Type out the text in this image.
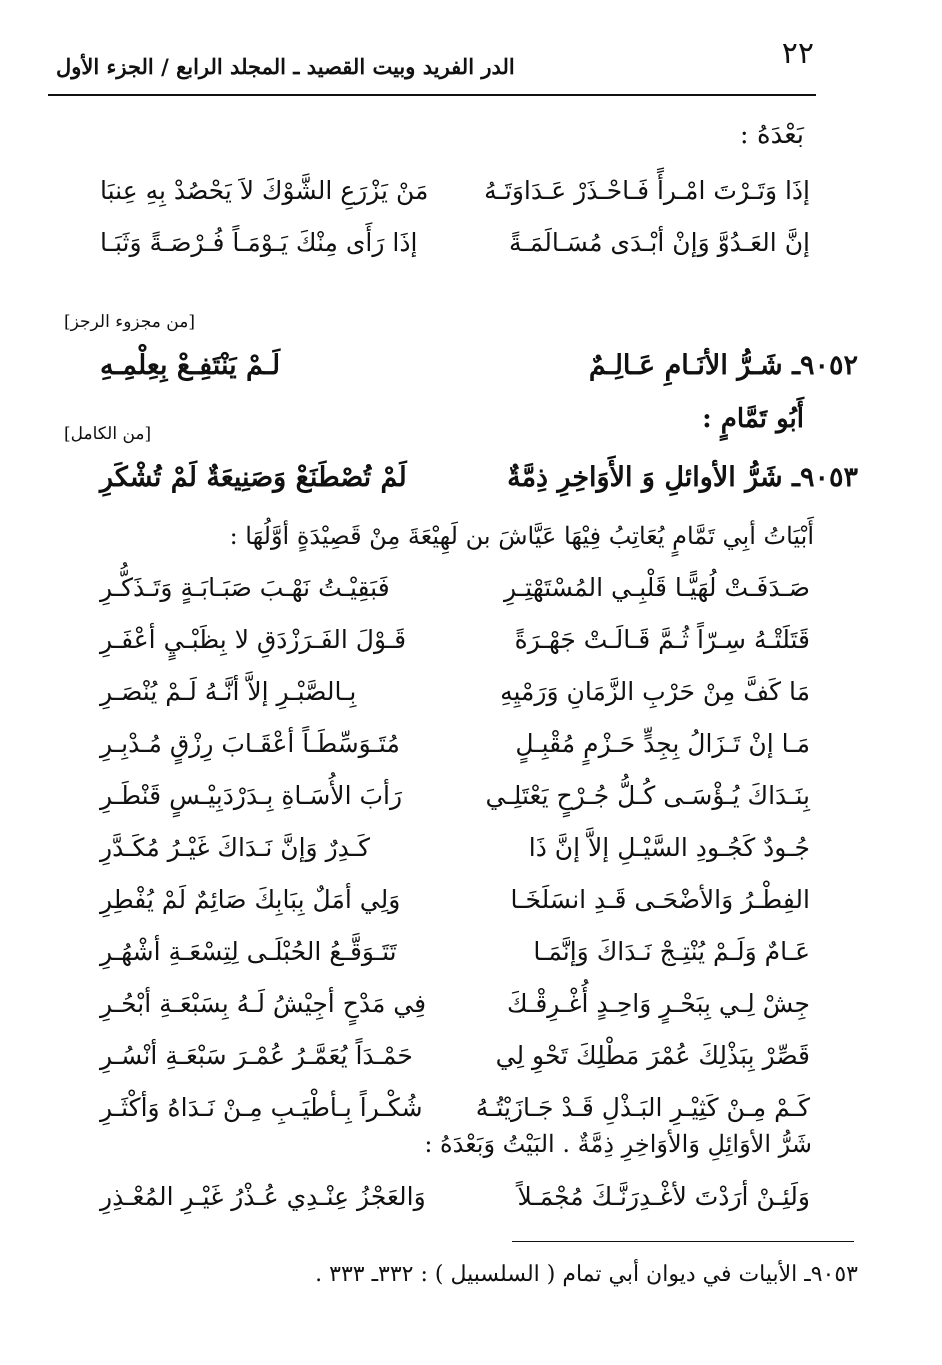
٢٢
الدر الفريد وبيت القصيد ـ المجلد الرابع / الجزء الأول
بَعْدَهُ :
إذَا وَتَـرْتَ امْـرأً فَـاحْـذَرْ عَـدَاوَتَـهُ
مَنْ يَزْرَعِ الشَّوْكَ لاَ يَحْصُدْ بِهِ عِنبَا
إنَّ العَـدُوَّ وَإنْ أبْـدَى مُسَـالَمَـةً
إذَا رَأَى مِنْكَ يَـوْمَـاً فُـرْصَـةً وَثَبَـا
[من مجزوء الرجز]
٩٠٥٢ـ شَـرُّ الأنَـامِ عَـالِـمٌ
لَـمْ يَنْتَفِـعْ بِعِلْمِـهِ
أَبُو تَمَّامٍ :
[من الكامل]
٩٠٥٣ـ شَرُّ الأوائلِ وَ الأَوَاخِرِ ذِمَّةٌ
لَمْ تُصْطَنَعْ وَصَنِيعَةٌ لَمْ تُشْكَرِ
أَبْيَاتُ أبِي تَمَّامٍ يُعَاتِبُ فِيْهَا عَيَّاشَ بن لَهِيْعَةَ مِنْ قَصِيْدَةٍ أوَّلُهَا :
صَـدَفَـتْ لُهَيًّـا قَلْبِـي المُسْتَهْتِـرِ
فَبَقِيْـتُ نَهْـبَ صَبَـابَـةٍ وَتَـذَكُّـرِ
قَتَلَتْـهُ سِـرّاً ثُـمَّ قَـالَـتْ جَهْـرَةً
قَـوْلَ الفَـرَزْدَقِ لا بِظَبْـيٍ أعْفَـرِ
مَا كَفَّ مِنْ حَرْبِ الزَّمَانِ وَرَمْيِهِ
بِـالصَّبْـرِ إلاَّ أنَّـهُ لَـمْ يُنْصَـرِ
مَـا إنْ تَـزَالُ بِجِدٍّ حَـزْمٍ مُقْبِـلٍ
مُتَـوَسِّطَـاً أعْقَـابَ رِزْقٍ مُـدْبِـرِ
بِنَـدَاكَ يُـؤْسَـى كُـلُّ جُـرْحٍ يَعْتَلِـي
رَأبَ الأُسَـاةِ بِـدَرْدَبِيْـسٍ قَنْطَـرِ
جُـودٌ كَجُـودِ السَّيْـلِ إلاَّ إنَّ ذَا
كَـدِرٌ وَإنَّ نَـدَاكَ غَيْـرُ مُكَـدَّرِ
الفِطْـرُ وَالأضْحَـى قَـدِ انسَلَخَـا
وَلِي أمَلٌ بِبَابِكَ صَائِمٌ لَمْ يُفْطِرِ
عَـامٌ وَلَـمْ يُنْتِـجْ نَـدَاكَ وَإنَّمَـا
تَتَـوَقَّـعُ الحُبْلَـى لِتِسْعَـةِ أشْهُـرِ
جِشْ لِـي بِبَحْـرٍ وَاحِـدٍ أُغْـرِقْـكَ
فِي مَدْحٍ أجِيْشُ لَـهُ بِسَبْعَـةِ أبْحُـرِ
قَصِّرْ بِبَذْلِكَ عُمْرَ مَطْلِكَ تَحْوِ لِي
حَمْـدَاً يُعَمَّـرُ عُمْـرَ سَبْعَـةِ أنْسُـرِ
كَـمْ مِـنْ كَثِيْـرِ البَـذْلِ قَـدْ جَـازَيْتُـهُ
شُكْـراً بِـأطْيَـبِ مِـنْ نَـدَاهُ وَأكْثَـرِ
شَرُّ الأوَائِلِ وَالأوَاخِرِ ذِمَّةٌ . البَيْتُ وَبَعْدَهُ :
وَلَئِـنْ أرَدْتَ لأغْـدِرَنَّـكَ مُجْمَـلاً
وَالعَجْزُ عِنْـدِي عُـذْرُ غَيْـرِ المُعْـذِرِ
٩٠٥٣ـ الأبيات في ديوان أبي تمام ( السلسبيل ) : ٣٣٢ـ ٣٣٣ .
